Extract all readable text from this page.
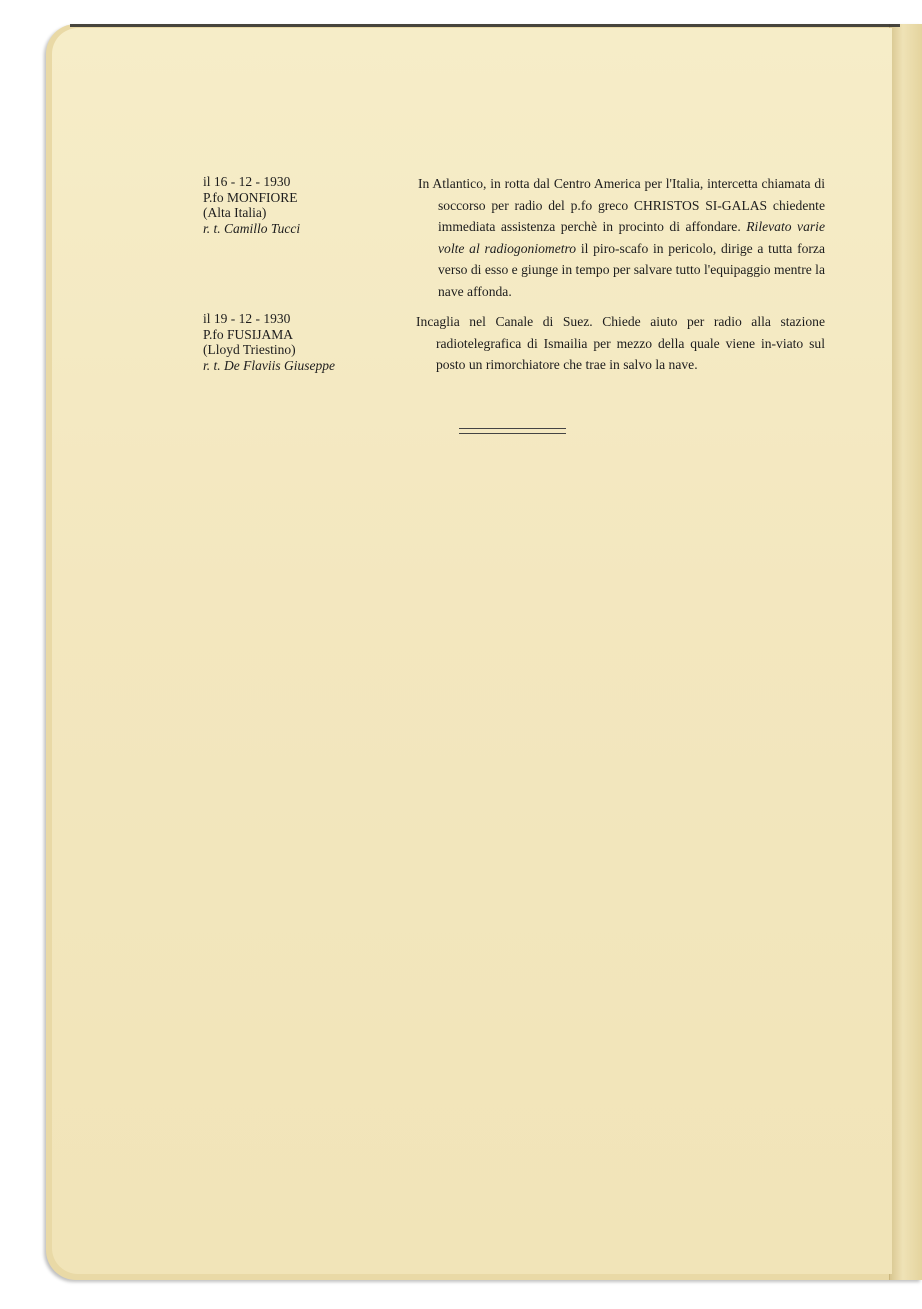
il 16 - 12 - 1930
P.fo MONFIORE
(Alta Italia)
r. t. Camillo Tucci
In Atlantico, in rotta dal Centro America per l'Italia, intercetta chiamata di soccorso per radio del p.fo greco CHRISTOS SI-GALAS chiedente immediata assistenza perchè in procinto di affondare. Rilevato varie volte al radiogoniometro il piro-scafo in pericolo, dirige a tutta forza verso di esso e giunge in tempo per salvare tutto l'equipaggio mentre la nave affonda.
il 19 - 12 - 1930
P.fo FUSIJAMA
(Lloyd Triestino)
r. t. De Flaviis Giuseppe
Incaglia nel Canale di Suez. Chiede aiuto per radio alla stazione radiotelegrafica di Ismailia per mezzo della quale viene in-viato sul posto un rimorchiatore che trae in salvo la nave.
